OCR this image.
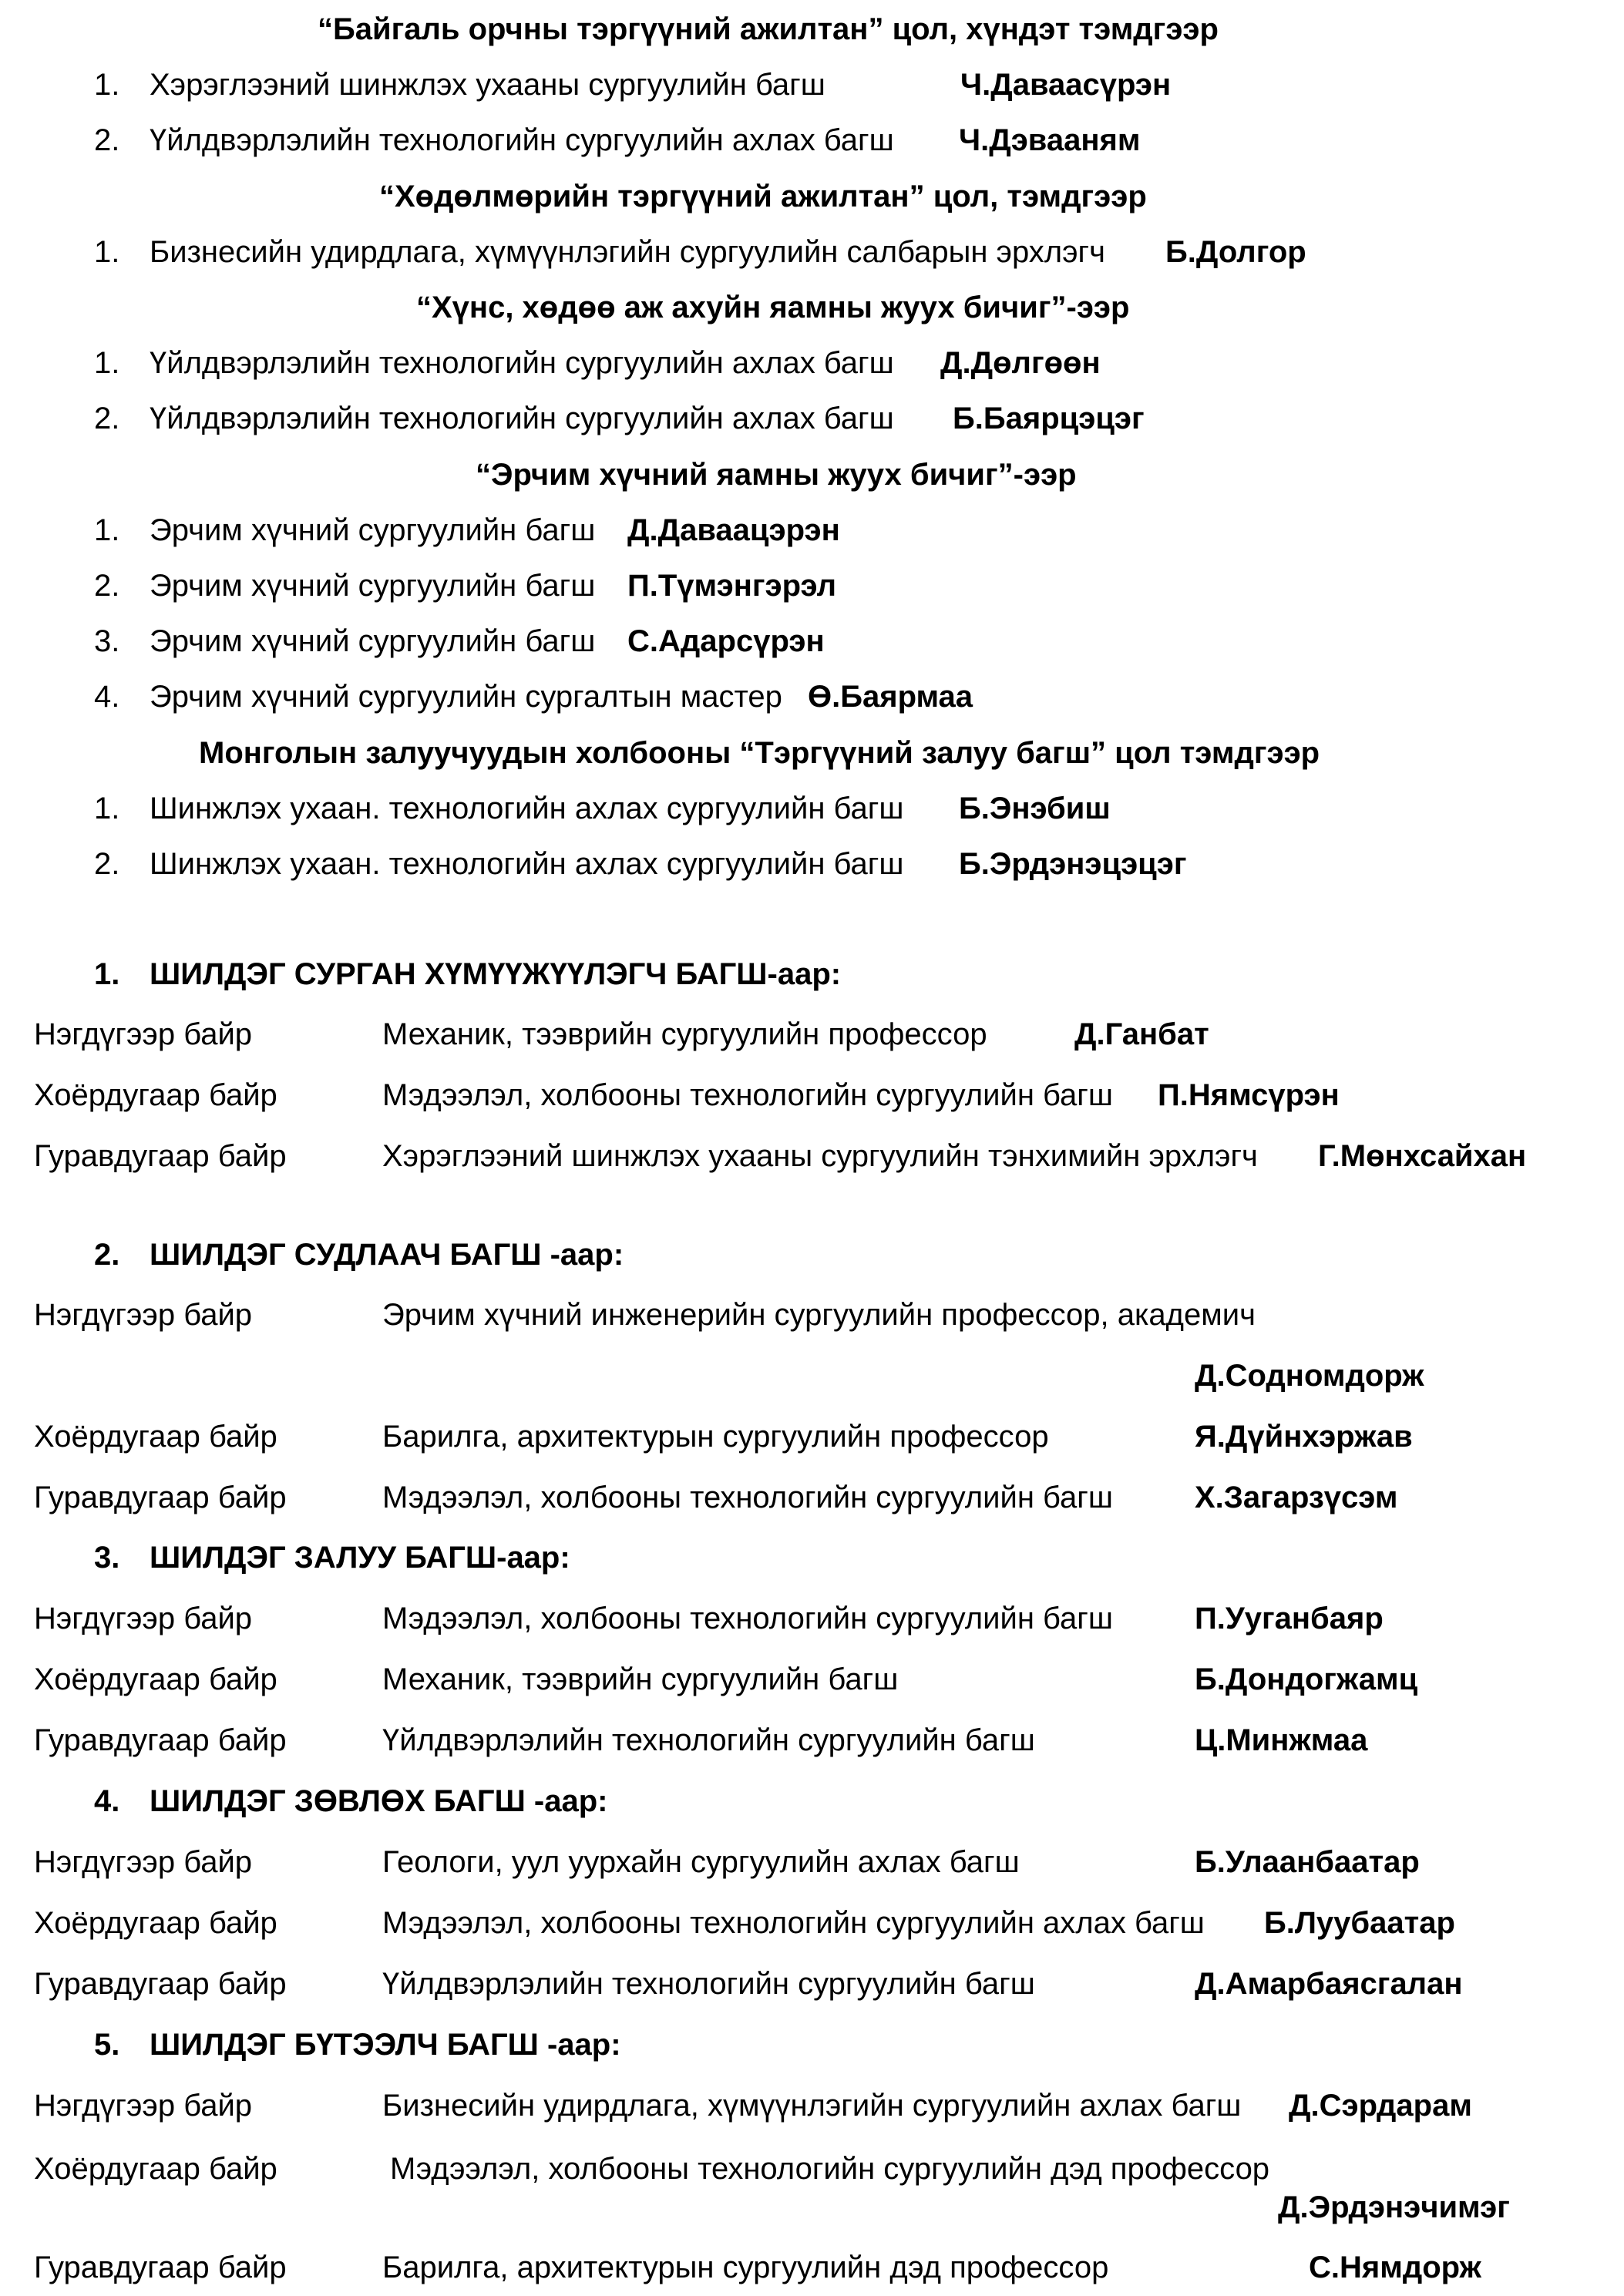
“Байгаль орчны тэргүүний ажилтан” цол, хүндэт тэмдгээр
1. Хэрэглээний шинжлэх ухааны сургуулийн багш	Ч.Даваасүрэн
2. Үйлдвэрлэлийн технологийн сургуулийн ахлах багш Ч.Дэвааням
“Хөдөлмөрийн тэргүүний ажилтан” цол, тэмдгээр
1. Бизнесийн удирдлага, хүмүүнлэгийн сургуулийн салбарын эрхлэгч Б.Долгор
“Хүнс, хөдөө аж ахуйн яамны жуух бичиг”-ээр
1. Үйлдвэрлэлийн технологийн сургуулийн ахлах багш Д.Дөлгөөн
2. Үйлдвэрлэлийн технологийн сургуулийн ахлах багш Б.Баярцэцэг
“Эрчим хүчний яамны жуух бичиг”-ээр
1. Эрчим хүчний сургуулийн багш Д.Даваацэрэн
2. Эрчим хүчний сургуулийн багш П.Түмэнгэрэл
3. Эрчим хүчний сургуулийн багш С.Адарсүрэн
4. Эрчим хүчний сургуулийн сургалтын мастер Ө.Баярмаа
Монголын залуучуудын холбооны “Тэргүүний залуу багш” цол тэмдгээр
1. Шинжлэх ухаан. технологийн ахлах сургуулийн багш Б.Энэбиш
2. Шинжлэх ухаан. технологийн ахлах сургуулийн багш Б.Эрдэнэцэцэг
1. ШИЛДЭГ СУРГАН ХҮМҮҮЖҮҮЛЭГЧ БАГШ-аар:
Нэгдүгээр байр	Механик, тээврийн сургуулийн профессор	Д.Ганбат
Хоёрдугаар байр	Мэдээлэл, холбооны технологийн сургуулийн багш П.Нямсүрэн
Гуравдугаар байр	Хэрэглээний шинжлэх ухааны сургуулийн тэнхимийн эрхлэгч Г.Мөнхсайхан
2. ШИЛДЭГ СУДЛААЧ БАГШ -аар:
Нэгдүгээр байр	Эрчим хүчний инженерийн сургуулийн профессор, академич
Д.Содномдорж
Хоёрдугаар байр	Барилга, архитектурын сургуулийн профессор	Я.Дүйнхэржав
Гуравдугаар байр	Мэдээлэл, холбооны технологийн сургуулийн багш	Х.Загарзүсэм
3. ШИЛДЭГ ЗАЛУУ БАГШ-аар:
Нэгдүгээр байр	Мэдээлэл, холбооны технологийн сургуулийн багш	П.Ууганбаяр
Хоёрдугаар байр	Механик, тээврийн сургуулийн багш	Б.Дондогжамц
Гуравдугаар байр	Үйлдвэрлэлийн технологийн сургуулийн багш	Ц.Минжмаа
4. ШИЛДЭГ ЗӨВЛӨХ БАГШ -аар:
Нэгдүгээр байр	Геологи, уул уурхайн сургуулийн ахлах багш	Б.Улаанбаатар
Хоёрдугаар байр	Мэдээлэл, холбооны технологийн сургуулийн ахлах багш Б.Луубаатар
Гуравдугаар байр	Үйлдвэрлэлийн технологийн сургуулийн багш	Д.Амарбаясгалан
5. ШИЛДЭГ БҮТЭЭЛЧ БАГШ -аар:
Нэгдүгээр байр	Бизнесийн удирдлага, хүмүүнлэгийн сургуулийн ахлах багш Д.Сэрдарам
Хоёрдугаар байр	Мэдээлэл, холбооны технологийн сургуулийн дэд профессор
Д.Эрдэнэчимэг
Гуравдугаар байр	Барилга, архитектурын сургуулийн дэд профессор	С.Нямдорж
